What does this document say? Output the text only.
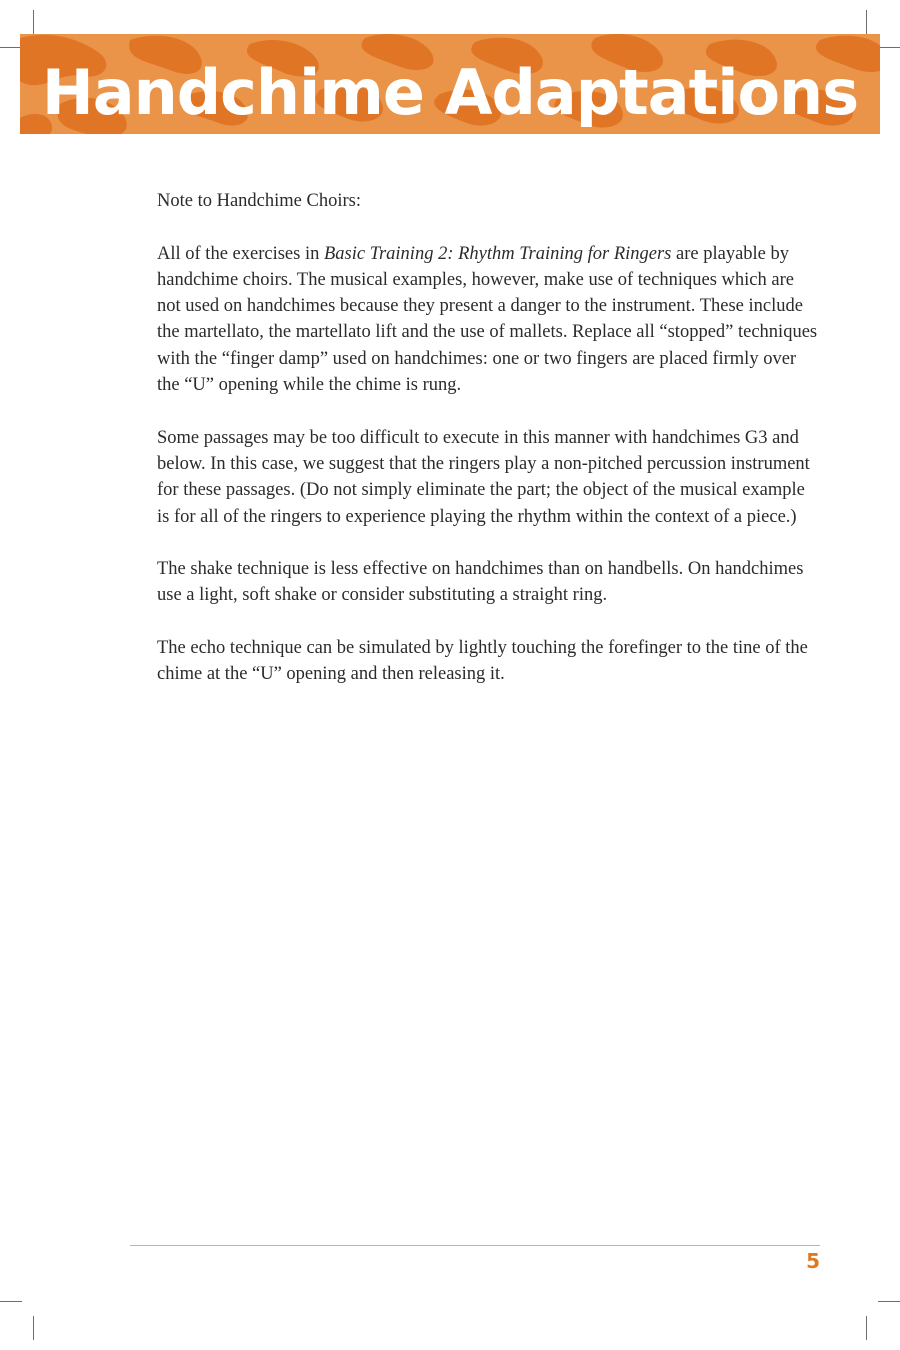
Handchime Adaptations

Note to Handchime Choirs:

All of the exercises in Basic Training 2: Rhythm Training for Ringers are playable by handchime choirs. The musical examples, however, make use of techniques which are not used on handchimes because they present a danger to the instrument. These include the martellato, the martellato lift and the use of mallets. Replace all “stopped” techniques with the “finger damp” used on handchimes: one or two fingers are placed firmly over the “U” opening while the chime is rung.

Some passages may be too difficult to execute in this manner with handchimes G3 and below. In this case, we suggest that the ringers play a non-pitched percussion instrument for these passages. (Do not simply eliminate the part; the object of the musical example is for all of the ringers to experience playing the rhythm within the context of a piece.)

The shake technique is less effective on handchimes than on handbells. On handchimes use a light, soft shake or consider substituting a straight ring.

The echo technique can be simulated by lightly touching the forefinger to the tine of the chime at the “U” opening and then releasing it.

5
